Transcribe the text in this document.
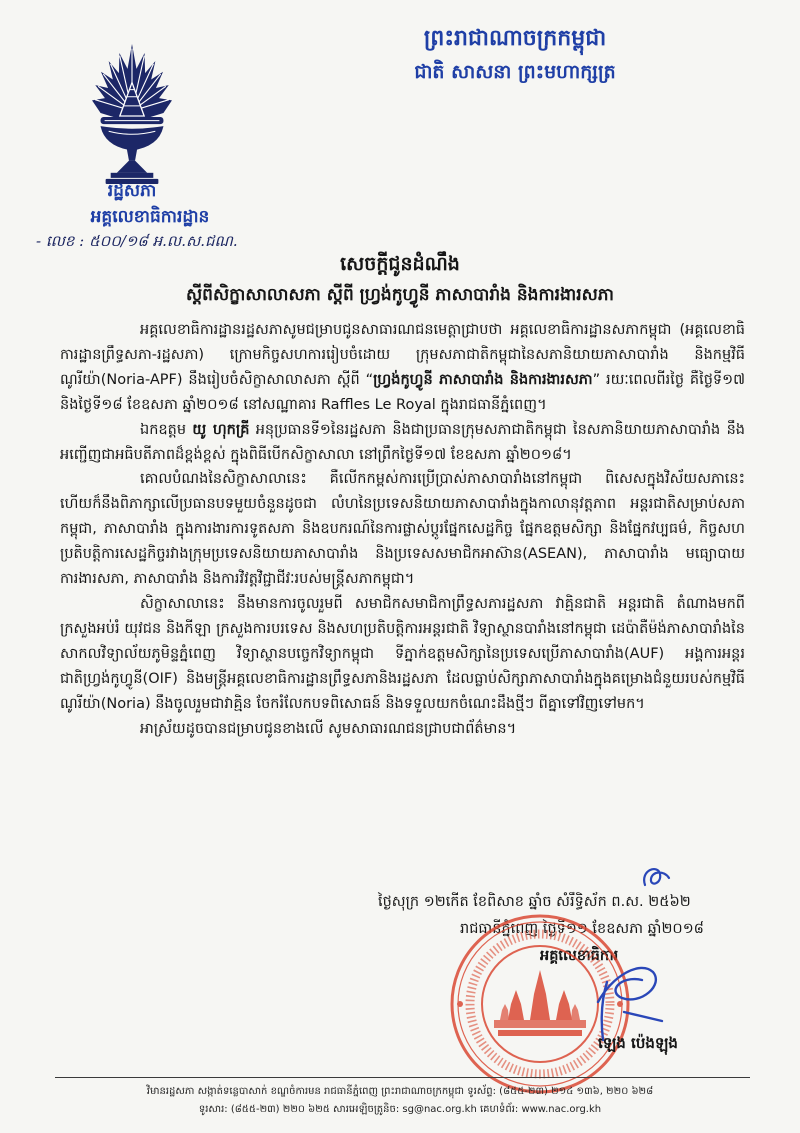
ព្រះរាជាណាចក្រកម្ពុជា
ជាតិ សាសនា ព្រះមហាក្សត្រ
រដ្ឋសភា
អគ្គលេខាធិការដ្ឋាន
- លេខ : ៥០០/១៨ អ.ល.ស.ជណ.
សេចក្តីជូនដំណឹង
ស្តីពីសិក្ខាសាលាសភា ស្តីពី ហ្វ្រង់កូហ្វូនី ភាសាបារាំង និងការងារសភា

អគ្គលេខាធិការដ្ឋានរដ្ឋសភាសូមជម្រាបជូនសាធារណជនមេត្តាជ្រាបថា អគ្គលេខាធិការដ្ឋានសភាកម្ពុជា (អគ្គលេខាធិការដ្ឋានព្រឹទ្ធសភា-រដ្ឋសភា) ក្រោមកិច្ចសហការរៀបចំដោយ ក្រុមសភាជាតិកម្ពុជានៃសភានិយាយភាសាបារាំង និងកម្មវិធីណូរីយ៉ា(Noria-APF) នឹងរៀបចំសិក្ខាសាលាសភា ស្តីពី “ហ្វ្រង់កូហ្វូនី ភាសាបារាំង និងការងារសភា” រយៈពេលពីរថ្ងៃ គឺថ្ងៃទី១៧ និងថ្ងៃទី១៨ ខែឧសភា ឆ្នាំ២០១៨ នៅសណ្ឋាគារ Raffles Le Royal ក្នុងរាជធានីភ្នំពេញ។

ឯកឧត្តម យូ ហុកគ្រី អនុប្រធានទី១នៃរដ្ឋសភា និងជាប្រធានក្រុមសភាជាតិកម្ពុជា នៃសភានិយាយភាសាបារាំង នឹងអញ្ជើញជាអធិបតីភាពដ៏ខ្ពង់ខ្ពស់ ក្នុងពិធីបើកសិក្ខាសាលា នៅព្រឹកថ្ងៃទី១៧ ខែឧសភា ឆ្នាំ២០១៨។

គោលបំណងនៃសិក្ខាសាលានេះ គឺលើកកម្ពស់ការប្រើប្រាស់ភាសាបារាំងនៅកម្ពុជា ពិសេសក្នុងវិស័យសភានេះ ហើយក៏នឹងពិភាក្សាលើប្រធានបទមួយចំនួនដូចជា លំហនៃប្រទេសនិយាយភាសាបារាំងក្នុងកាលានុវត្តភាព អន្តរជាតិសម្រាប់សភាកម្ពុជា, ភាសាបារាំង ក្នុងការងារការទូតសភា និងឧបករណ៍នៃការផ្លាស់ប្តូរផ្នែកសេដ្ឋកិច្ច ផ្នែកឧត្តមសិក្សា និងផ្នែកវប្បធម៌, កិច្ចសហប្រតិបត្តិការសេដ្ឋកិច្ចរវាងក្រុមប្រទេសនិយាយភាសាបារាំង និងប្រទេសសមាជិកអាស៊ាន(ASEAN), ភាសាបារាំង មធ្យោបាយការងារសភា, ភាសាបារាំង និងការវិវត្តវិជ្ជាជីវៈរបស់មន្ត្រីសភាកម្ពុជា។

សិក្ខាសាលានេះ នឹងមានការចូលរួមពី សមាជិកសមាជិកាព្រឹទ្ធសភារដ្ឋសភា វាគ្មិនជាតិ អន្តរជាតិ តំណាងមកពី ក្រសួងអប់រំ យុវជន និងកីឡា ក្រសួងការបរទេស និងសហប្រតិបត្តិការអន្តរជាតិ វិទ្យាស្ថានបារាំងនៅកម្ពុជា ដេប៉ាតឺម៉ង់ភាសាបារាំងនៃសាកលវិទ្យាល័យភូមិន្ទភ្នំពេញ វិទ្យាស្ថានបច្ចេកវិទ្យាកម្ពុជា ទីភ្នាក់ឧត្តមសិក្សានៃប្រទេសប្រើភាសាបារាំង(AUF) អង្គការអន្តរជាតិហ្វ្រង់កូហ្វូនី(OIF) និងមន្ត្រីអគ្គលេខាធិការដ្ឋានព្រឹទ្ធសភានិងរដ្ឋសភា ដែលធ្លាប់សិក្សាភាសាបារាំងក្នុងគម្រោងជំនួយរបស់កម្មវិធីណូរីយ៉ា(Noria) នឹងចូលរួមជាវាគ្មិន ចែករំលែកបទពិសោធន៍ និងទទួលយកចំណេះដឹងថ្មីៗ ពីគ្នាទៅវិញទៅមក។

អាស្រ័យដូចបានជម្រាបជូនខាងលើ សូមសាធារណជនជ្រាបជាព័ត៌មាន។

ថ្ងៃសុក្រ ១២កើត ខែពិសាខ ឆ្នាំច សំរឹទ្ធិស័ក ព.ស. ២៥៦២
រាជធានីភ្នំពេញ ថ្ងៃទី១១ ខែឧសភា ឆ្នាំ២០១៨
អគ្គលេខាធិការ
ឡេង ប៉េងឡុង
វិមានរដ្ឋសភា សង្កាត់ទន្លេបាសាក់ ខណ្ឌចំការមន រាជធានីភ្នំពេញ ព្រះរាជាណាចក្រកម្ពុជា ទូរស័ព្ទ: (៨៥៥-២៣) ២១៤ ១៣៦, ២២០ ៦២៨
ទូរសារ: (៨៥៥-២៣) ២២០ ៦២៥ សារអេឡិចត្រូនិច: sg@nac.org.kh គេហទំព័រ: www.nac.org.kh
